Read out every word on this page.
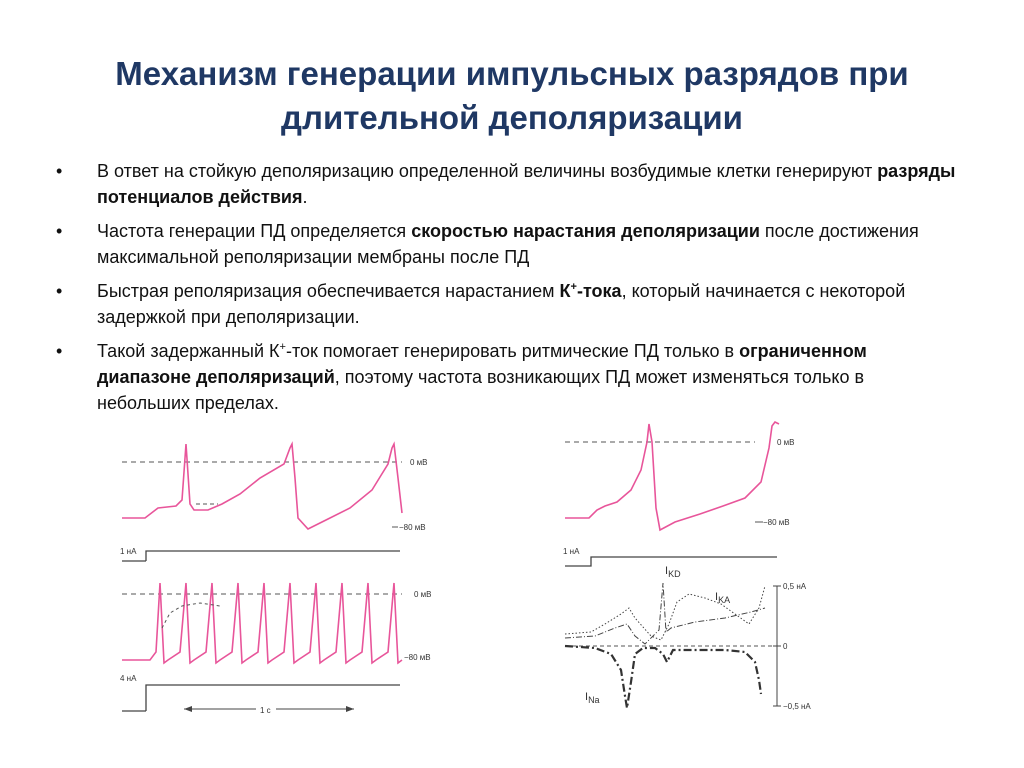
Механизм генерации импульсных разрядов при
длительной деполяризации
• В ответ на стойкую деполяризацию определенной величины возбудимые клетки генерируют разряды потенциалов действия.
• Частота генерации ПД определяется скоростью нарастания деполяризации после достижения максимальной реполяризации мембраны после ПД
• Быстрая реполяризация обеспечивается нарастанием К+-тока, который начинается с некоторой задержкой при деполяризации.
• Такой задержанный К+-ток помогает генерировать ритмические ПД только в ограниченном диапазоне деполяризаций, поэтому частота возникающих ПД может изменяться только в небольших пределах.
0 мВ
−80 мВ
1 нА
0 мВ
−80 мВ
4 нА
1 с
0 мВ
−80 мВ
1 нА
0,5 нА
0
−0,5 нА
$I_{KD}$
$I_{KA}$
$I_{Na}$
